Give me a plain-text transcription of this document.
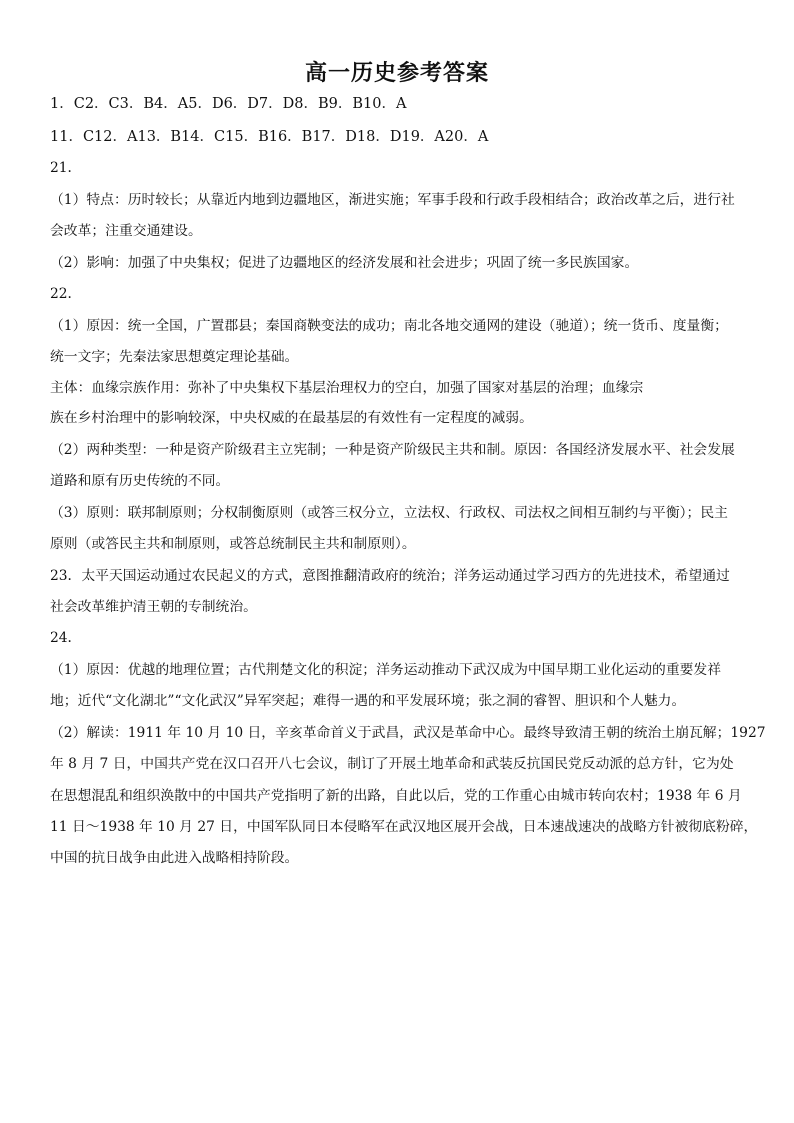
高一历史参考答案
1．C2．C3．B4．A5．D6．D7．D8．B9．B10．A
11．C12．A13．B14．C15．B16．B17．D18．D19．A20．A
21．
（1）特点：历时较长；从靠近内地到边疆地区，渐进实施；军事手段和行政手段相结合；政治改革之后，进行社
会改革；注重交通建设。
（2）影响：加强了中央集权；促进了边疆地区的经济发展和社会进步；巩固了统一多民族国家。
22．
（1）原因：统一全国，广置郡县；秦国商鞅变法的成功；南北各地交通网的建设（驰道）；统一货币、度量衡；
统一文字；先秦法家思想奠定理论基础。
主体：血缘宗族作用：弥补了中央集权下基层治理权力的空白，加强了国家对基层的治理；血缘宗
族在乡村治理中的影响较深，中央权威的在最基层的有效性有一定程度的减弱。
（2）两种类型：一种是资产阶级君主立宪制；一种是资产阶级民主共和制。原因：各国经济发展水平、社会发展
道路和原有历史传统的不同。
（3）原则：联邦制原则；分权制衡原则（或答三权分立，立法权、行政权、司法权之间相互制约与平衡）；民主
原则（或答民主共和制原则，或答总统制民主共和制原则）。
23．太平天国运动通过农民起义的方式，意图推翻清政府的统治；洋务运动通过学习西方的先进技术，希望通过
社会改革维护清王朝的专制统治。
24．
（1）原因：优越的地理位置；古代荆楚文化的积淀；洋务运动推动下武汉成为中国早期工业化运动的重要发祥
地；近代“文化湖北”“文化武汉”异军突起；难得一遇的和平发展环境；张之洞的睿智、胆识和个人魅力。
（2）解读：1911 年 10 月 10 日，辛亥革命首义于武昌，武汉是革命中心。最终导致清王朝的统治土崩瓦解；1927
年 8 月 7 日，中国共产党在汉口召开八七会议，制订了开展土地革命和武装反抗国民党反动派的总方针，它为处
在思想混乱和组织涣散中的中国共产党指明了新的出路，自此以后，党的工作重心由城市转向农村；1938 年 6 月
11 日～1938 年 10 月 27 日，中国军队同日本侵略军在武汉地区展开会战，日本速战速决的战略方针被彻底粉碎，
中国的抗日战争由此进入战略相持阶段。
